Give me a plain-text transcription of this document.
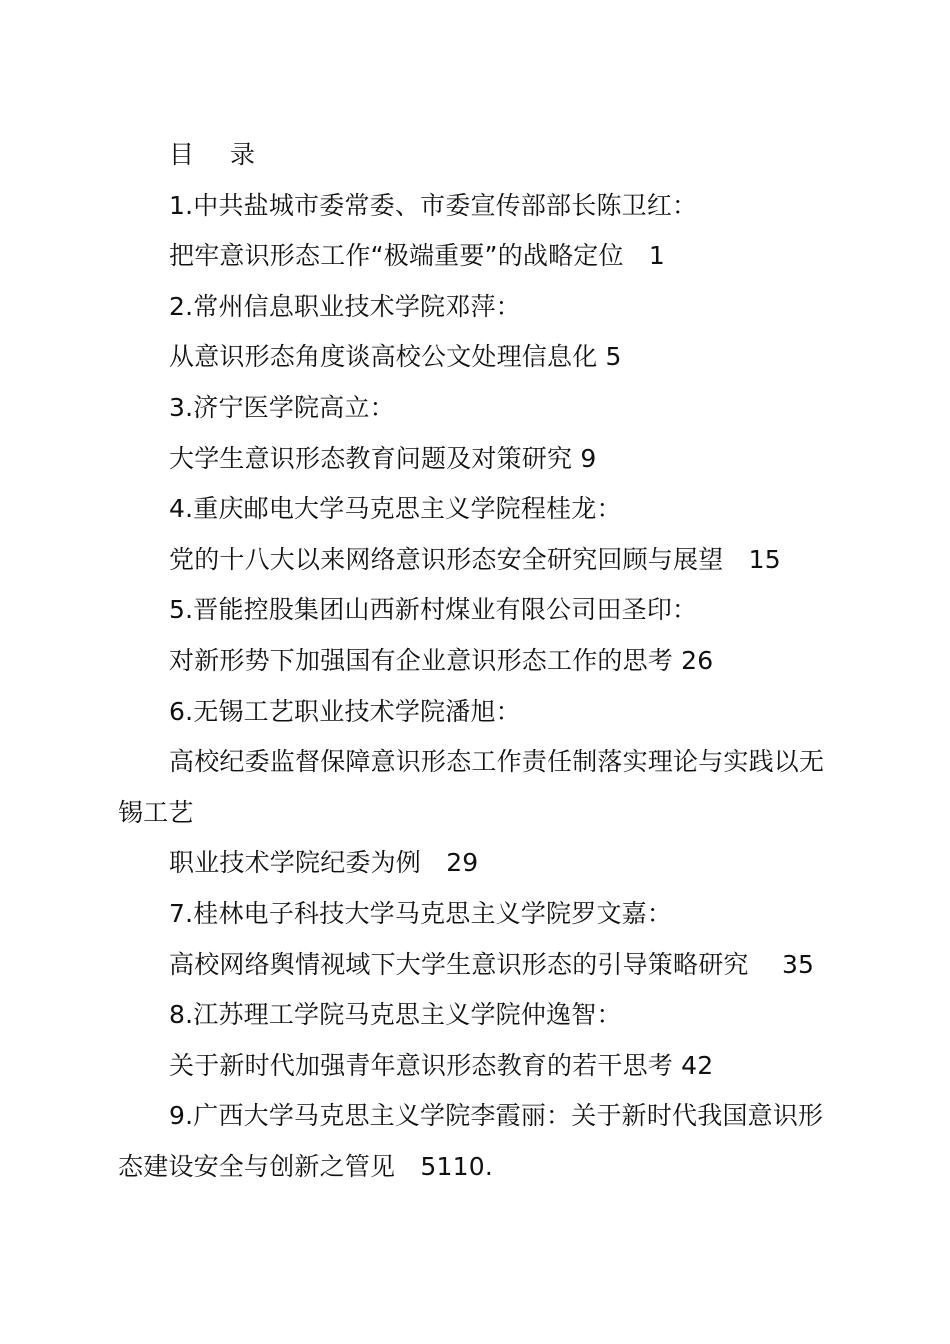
目 录

1.中共盐城市委常委、市委宣传部部长陈卫红：

把牢意识形态工作“极端重要”的战略定位　1

2.常州信息职业技术学院邓萍：

从意识形态角度谈高校公文处理信息化 5

3.济宁医学院高立：

大学生意识形态教育问题及对策研究 9

4.重庆邮电大学马克思主义学院程桂龙：

党的十八大以来网络意识形态安全研究回顾与展望　15

5.晋能控股集团山西新村煤业有限公司田圣印：

对新形势下加强国有企业意识形态工作的思考 26

6.无锡工艺职业技术学院潘旭：

高校纪委监督保障意识形态工作责任制落实理论与实践以无锡工艺

职业技术学院纪委为例　29

7.桂林电子科技大学马克思主义学院罗文嘉：

高校网络舆情视域下大学生意识形态的引导策略研究　 35

8.江苏理工学院马克思主义学院仲逸智：

关于新时代加强青年意识形态教育的若干思考 42

9.广西大学马克思主义学院李霞丽：关于新时代我国意识形态建设安全与创新之管见　5110.
